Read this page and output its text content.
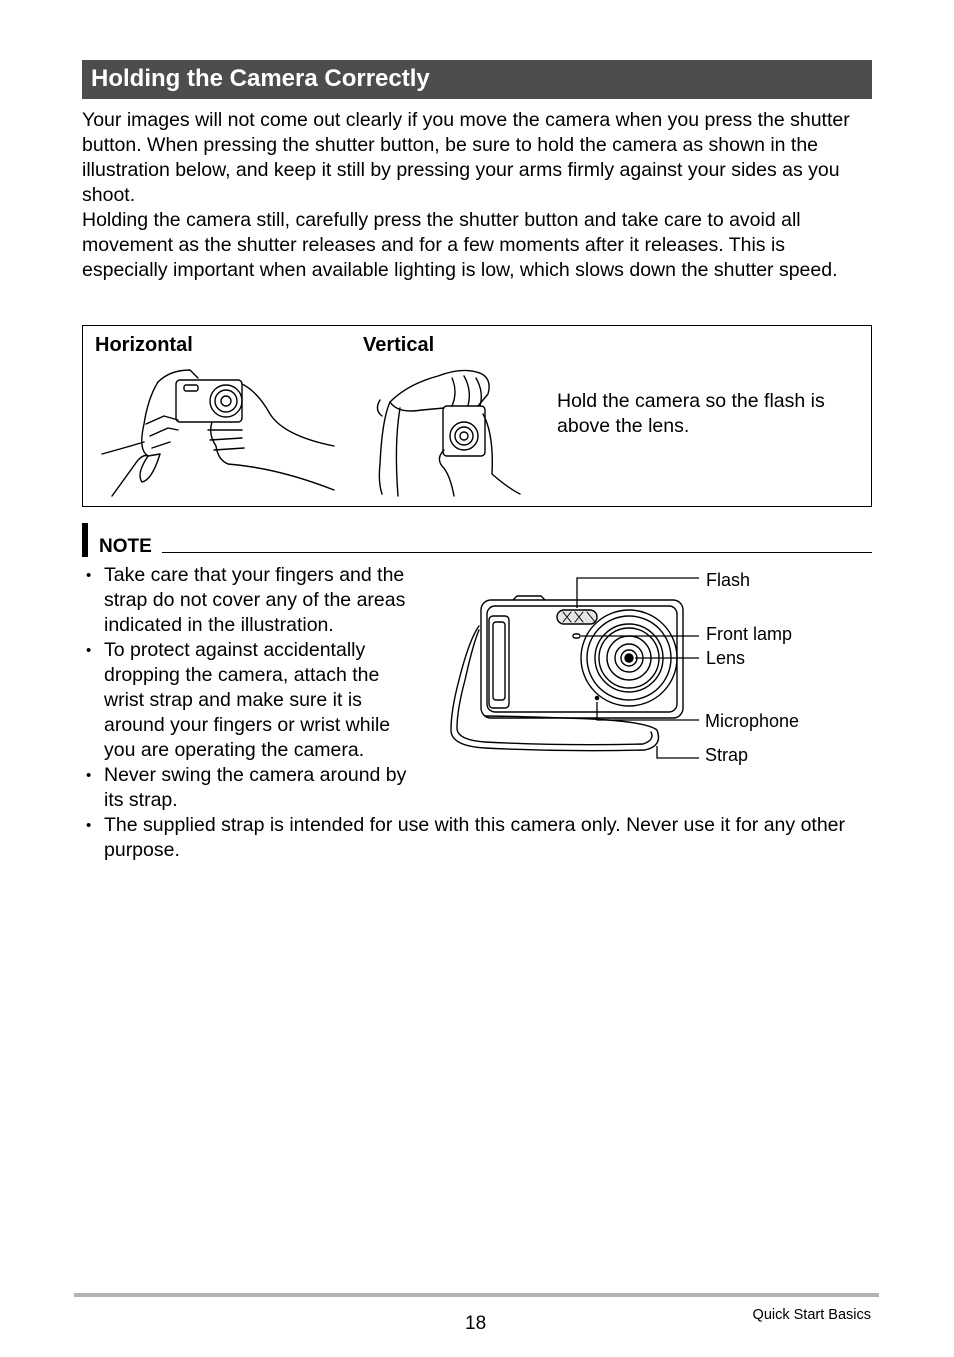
Holding the Camera Correctly

Your images will not come out clearly if you move the camera when you press the shutter button. When pressing the shutter button, be sure to hold the camera as shown in the illustration below, and keep it still by pressing your arms firmly against your sides as you shoot.

Holding the camera still, carefully press the shutter button and take care to avoid all movement as the shutter releases and for a few moments after it releases. This is especially important when available lighting is low, which slows down the shutter speed.

Horizontal	Vertical
Hold the camera so the flash is above the lens.
NOTE
• Take care that your fingers and the strap do not cover any of the areas indicated in the illustration.
• To protect against accidentally dropping the camera, attach the wrist strap and make sure it is around your fingers or wrist while you are operating the camera.
• Never swing the camera around by its strap.
• The supplied strap is intended for use with this camera only. Never use it for any other purpose.
Flash
Front lamp
Lens
Microphone
Strap
18	Quick Start Basics
